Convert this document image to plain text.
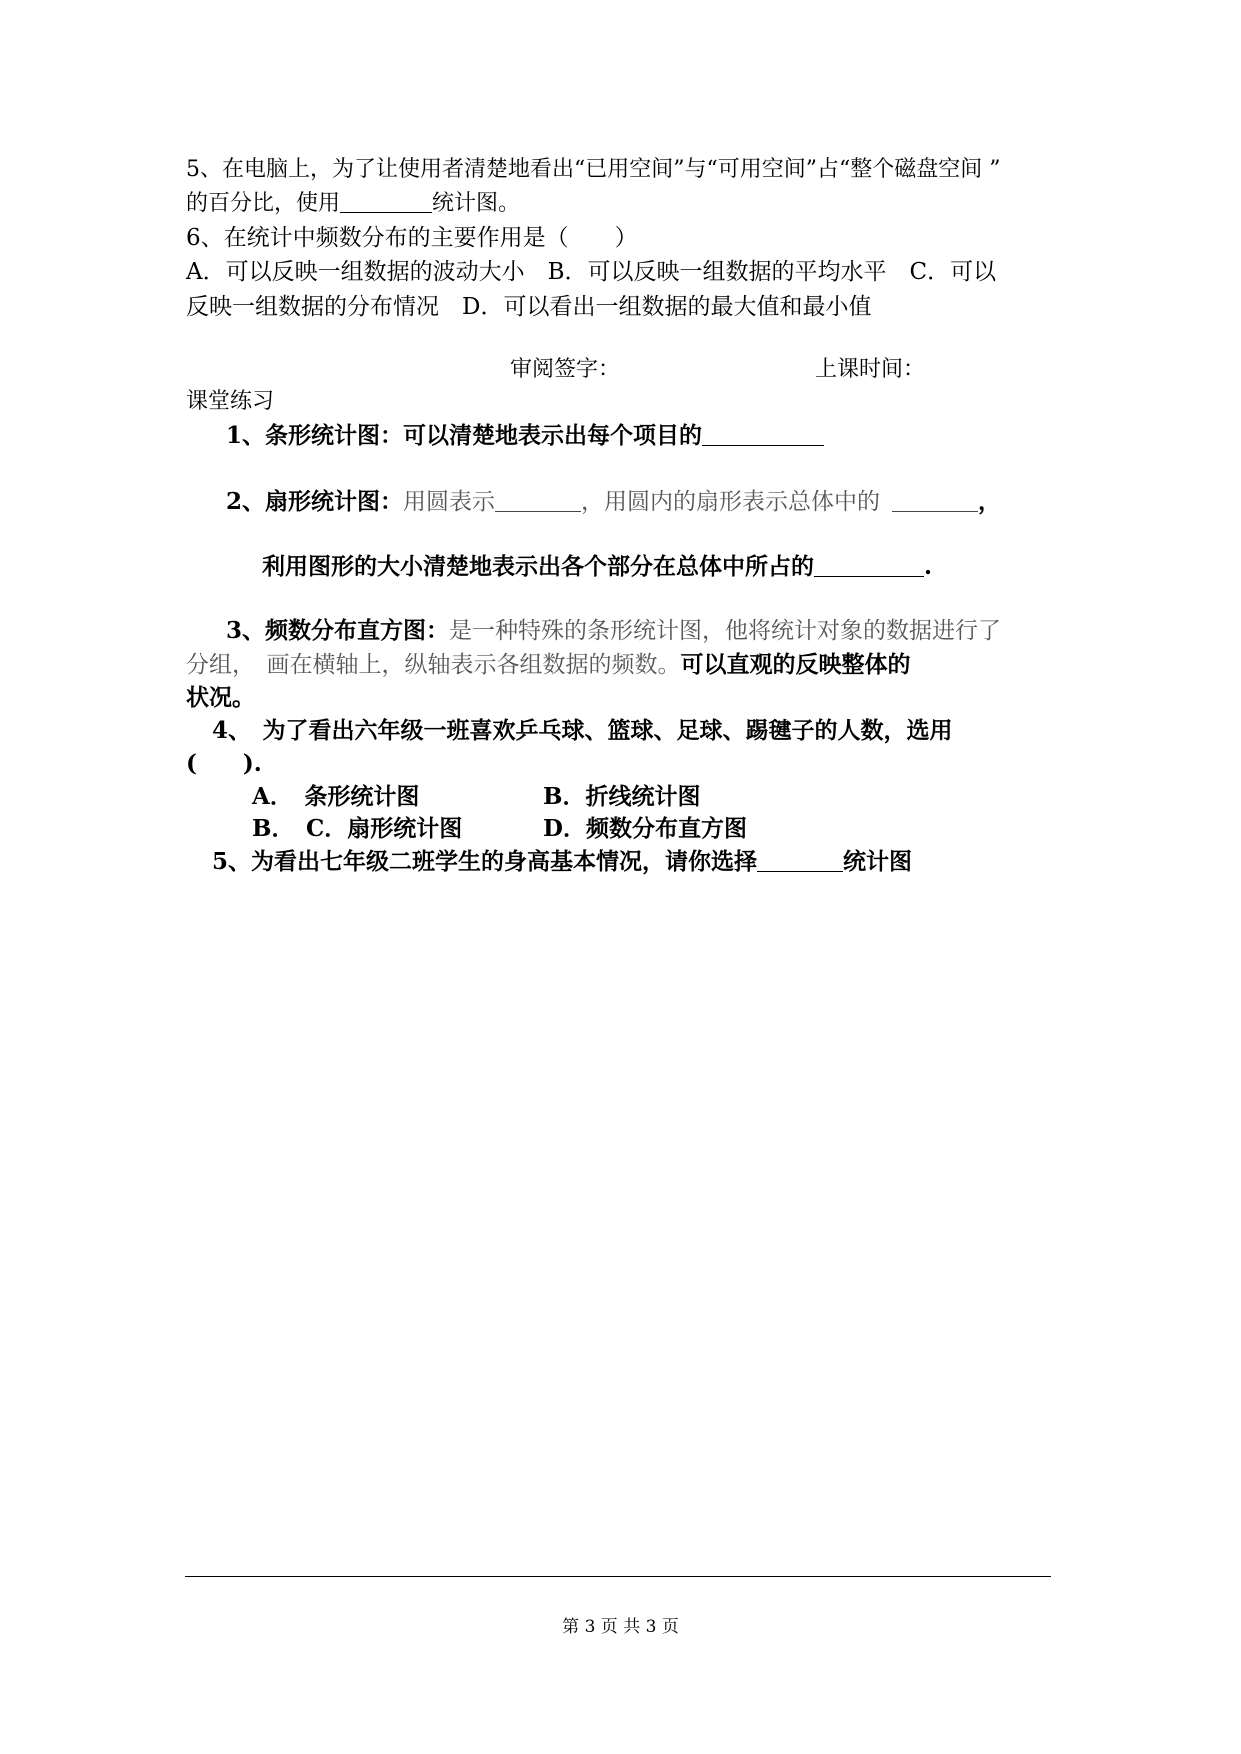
5、在电脑上，为了让使用者清楚地看出“已用空间”与“可用空间”占“整个磁盘空间 ”
的百分比，使用	统计图。
6、在统计中频数分布的主要作用是（　　）
A．可以反映一组数据的波动大小　B．可以反映一组数据的平均水平　C．可以
反映一组数据的分布情况　D．可以看出一组数据的最大值和最小值
审阅签字：	上课时间：
课堂练习
1、条形统计图：可以清楚地表示出每个项目的
2、扇形统计图：用圆表示	，用圆内的扇形表示总体中的	，
利用图形的大小清楚地表示出各个部分在总体中所占的	.
3、频数分布直方图：是一种特殊的条形统计图，他将统计对象的数据进行了
分组，　画在横轴上，纵轴表示各组数据的频数。可以直观的反映整体的
状况。
4、　为了看出六年级一班喜欢乒乓球、篮球、足球、踢毽子的人数，选用
(　　).
A．　条形统计图	B．折线统计图
B．　C．扇形统计图	D．频数分布直方图
5、为看出七年级二班学生的身高基本情况，请你选择	统计图
第 3 页 共 3 页
